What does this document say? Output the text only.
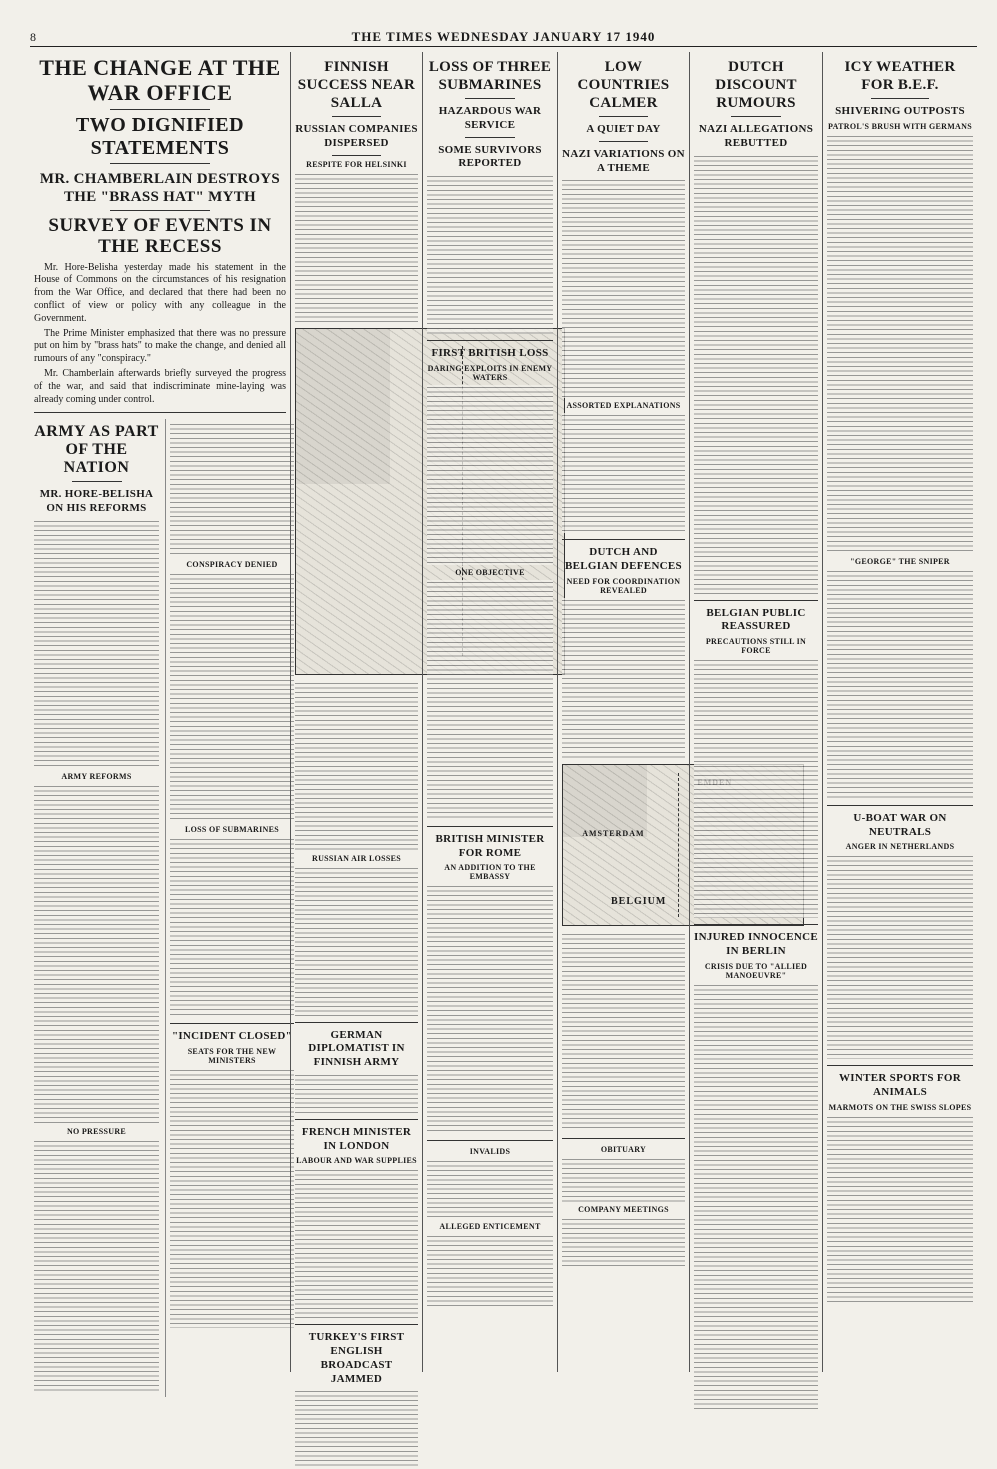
8	THE TIMES WEDNESDAY JANUARY 17 1940
THE CHANGE AT THE WAR OFFICE
TWO DIGNIFIED STATEMENTS
MR. CHAMBERLAIN DESTROYS THE "BRASS HAT" MYTH
SURVEY OF EVENTS IN THE RECESS
Mr. Hore-Belisha yesterday made his statement in the House of Commons on the circumstances of his resignation from the War Office, and declared that there had been no conflict of view or policy with any colleague in the Government.
The Prime Minister emphasized that there was no pressure put on him by "brass hats" to make the change, and denied all rumours of any "conspiracy."
Mr. Chamberlain afterwards briefly surveyed the progress of the war, and said that indiscriminate mine-laying was already coming under control.
ARMY AS PART OF THE NATION
MR. HORE-BELISHA ON HIS REFORMS
ARMY REFORMS
NO PRESSURE
CONSPIRACY DENIED
LOSS OF SUBMARINES
"INCIDENT CLOSED"
SEATS FOR THE NEW MINISTERS
FINNISH SUCCESS NEAR SALLA
RUSSIAN COMPANIES DISPERSED
RESPITE FOR HELSINKI
RUSSIAN AIR LOSSES
GERMAN DIPLOMATIST IN FINNISH ARMY
FRENCH MINISTER IN LONDON
LABOUR AND WAR SUPPLIES
TURKEY'S FIRST ENGLISH BROADCAST JAMMED
LOSS OF THREE SUBMARINES
HAZARDOUS WAR SERVICE
SOME SURVIVORS REPORTED
FIRST BRITISH LOSS
DARING EXPLOITS IN ENEMY WATERS
ONE OBJECTIVE
BRITISH MINISTER FOR ROME
AN ADDITION TO THE EMBASSY
INVALIDS
ALLEGED ENTICEMENT
LOW COUNTRIES CALMER
A QUIET DAY
NAZI VARIATIONS ON A THEME
ASSORTED EXPLANATIONS
DUTCH AND BELGIAN DEFENCES
NEED FOR COORDINATION REVEALED
AMSTERDAM
BELGIUM
OBITUARY
COMPANY MEETINGS
DUTCH DISCOUNT RUMOURS
NAZI ALLEGATIONS REBUTTED
BELGIAN PUBLIC REASSURED
PRECAUTIONS STILL IN FORCE
INJURED INNOCENCE IN BERLIN
CRISIS DUE TO "ALLIED MANOEUVRE"
ICY WEATHER FOR B.E.F.
SHIVERING OUTPOSTS
PATROL'S BRUSH WITH GERMANS
"GEORGE" THE SNIPER
U-BOAT WAR ON NEUTRALS
ANGER IN NETHERLANDS
WINTER SPORTS FOR ANIMALS
MARMOTS ON THE SWISS SLOPES
